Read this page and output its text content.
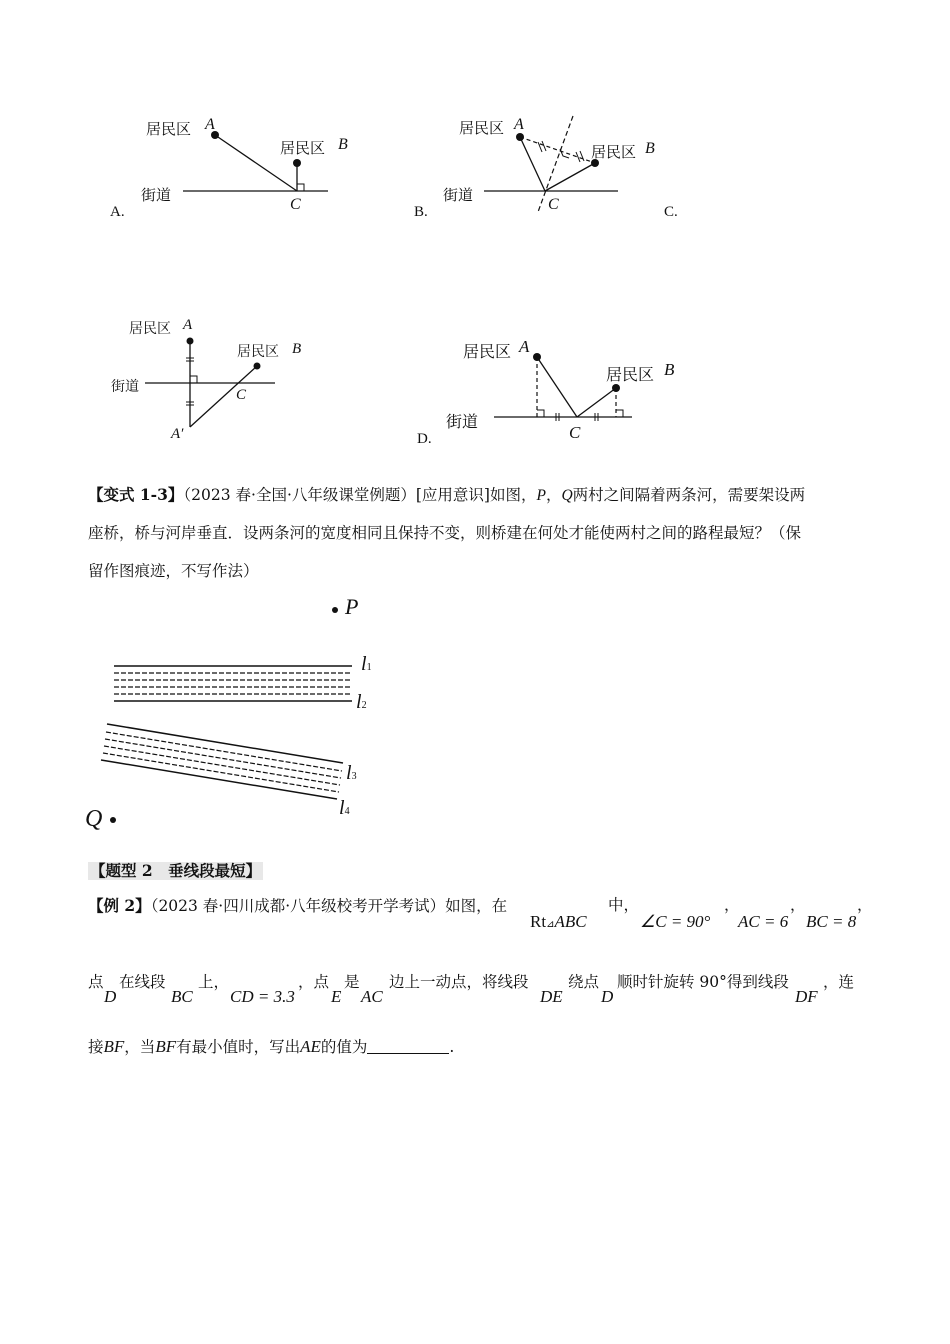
居民区 A
居民区 B
街道
C
A.
居民区 A
居民区 B
街道
C
B.	C.
居民区 A
居民区 B
街道	C
A′
居民区 A
居民区 B
街道
C
D.
【变式 1-3】（2023 春·全国·八年级课堂例题）[应用意识]如图，P，Q两村之间隔着两条河，需要架设两
座桥，桥与河岸垂直．设两条河的宽度相同且保持不变，则桥建在何处才能使两村之间的路程最短？（保
留作图痕迹，不写作法）
P
Q
l1
l2
l3
l4
【题型 2　垂线段最短】
【例 2】（2023 春·四川成都·八年级校考开学考试）如图，在
Rt⊿ABC
中，
∠C = 90°
，
AC = 6
，
BC = 8
，
点
D
在线段
BC
上，
CD = 3.3
，点
E
是
AC
边上一动点，将线段
DE
绕点
D
顺时针旋转 90°得到线段
DF
，连
接BF，当BF有最小值时，写出AE的值为	.
